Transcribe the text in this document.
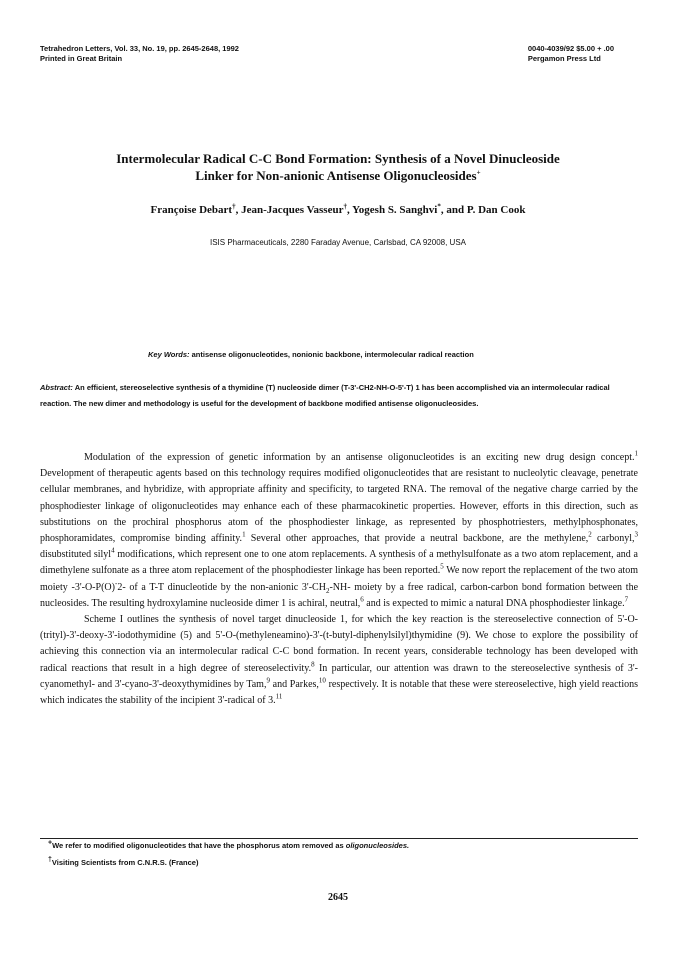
Tetrahedron Letters, Vol. 33, No. 19, pp. 2645-2648, 1992
Printed in Great Britain
0040-4039/92 $5.00 + .00
Pergamon Press Ltd
Intermolecular Radical C-C Bond Formation: Synthesis of a Novel Dinucleoside
Linker for Non-anionic Antisense Oligonucleosides+
Françoise Debart†, Jean-Jacques Vasseur†, Yogesh S. Sanghvi*, and P. Dan Cook
ISIS Pharmaceuticals, 2280 Faraday Avenue, Carlsbad, CA 92008, USA
Key Words: antisense oligonucleotides, nonionic backbone, intermolecular radical reaction
Abstract: An efficient, stereoselective synthesis of a thymidine (T) nucleoside dimer (T-3'-CH2-NH-O-5'-T) 1 has been accomplished via an intermolecular radical reaction. The new dimer and methodology is useful for the development of backbone modified antisense oligonucleosides.

Modulation of the expression of genetic information by an antisense oligonucleotides is an exciting new drug design concept.$^1$ Development of therapeutic agents based on this technology requires modified oligonucleotides that are resistant to nucleolytic cleavage, penetrate cellular membranes, and hybridize, with appropriate affinity and specificity, to targeted RNA. The removal of the negative charge carried by the phosphodiester linkage of oligonucleotides may enhance each of these pharmacokinetic properties. However, efforts in this direction, such as substitutions on the prochiral phosphorus atom of the phosphodiester linkage, as represented by phosphotriesters, methylphosphonates, phosphoramidates, compromise binding affinity.$^1$ Several other approaches, that provide a neutral backbone, are the methylene,$^2$ carbonyl,$^3$ disubstituted silyl$^4$ modifications, which represent one to one atom replacements. A synthesis of a methylsulfonate as a two atom replacement, and a dimethylene sulfonate as a three atom replacement of the phosphodiester linkage has been reported.$^5$ We now report the replacement of the two atom moiety -3'-O-P(O)-2- of a T-T dinucleotide by the non-anionic $3'-CH_2-NH-$ moiety by a free radical, carbon-carbon bond formation between the nucleosides. The resulting hydroxylamine nucleoside dimer 1 is achiral, neutral,$^6$ and is expected to mimic a natural DNA phosphodiester linkage.$^7$

Scheme I outlines the synthesis of novel target dinucleoside 1, for which the key reaction is the stereoselective connection of 5'-O-(trityl)-3'-deoxy-3'-iodothymidine (5) and 5'-O-(methyleneamino)-3'-(t-butyl-diphenylsilyl)thymidine (9). We chose to explore the possibility of achieving this connection via an intermolecular radical C-C bond formation. In recent years, considerable technology has been developed with radical reactions that result in a high degree of stereoselectivity.$^8$ In particular, our attention was drawn to the stereoselective synthesis of 3'-cyanomethyl- and 3'-cyano-3'-deoxythymidines by Tam,$^9$ and Parkes,$^{10}$ respectively. It is notable that these were stereoselective, high yield reactions which indicates the stability of the incipient 3'-radical of 3.11

+We refer to modified oligonucleotides that have the phosphorus atom removed as oligonucleosides.
†Visiting Scientists from C.N.R.S. (France)
2645
